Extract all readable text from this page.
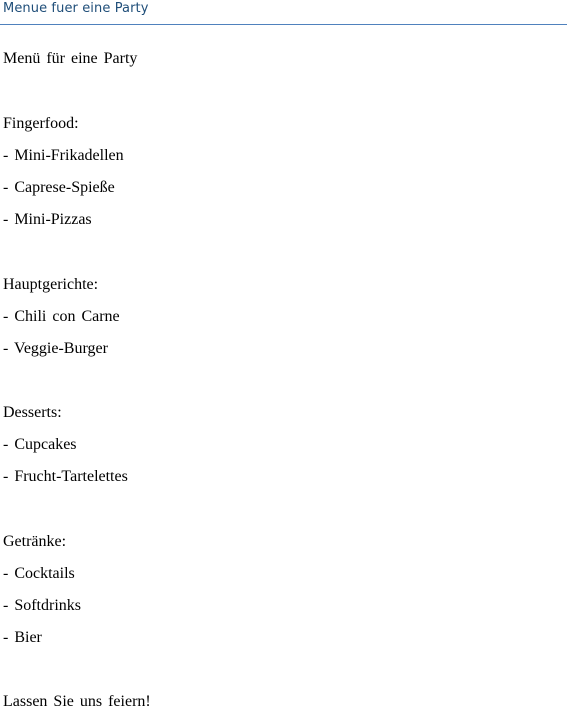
Menue fuer eine Party
Menü für eine Party
Fingerfood:
- Mini-Frikadellen
- Caprese-Spieße
- Mini-Pizzas
Hauptgerichte:
- Chili con Carne
- Veggie-Burger
Desserts:
- Cupcakes
- Frucht-Tartelettes
Getränke:
- Cocktails
- Softdrinks
- Bier
Lassen Sie uns feiern!
